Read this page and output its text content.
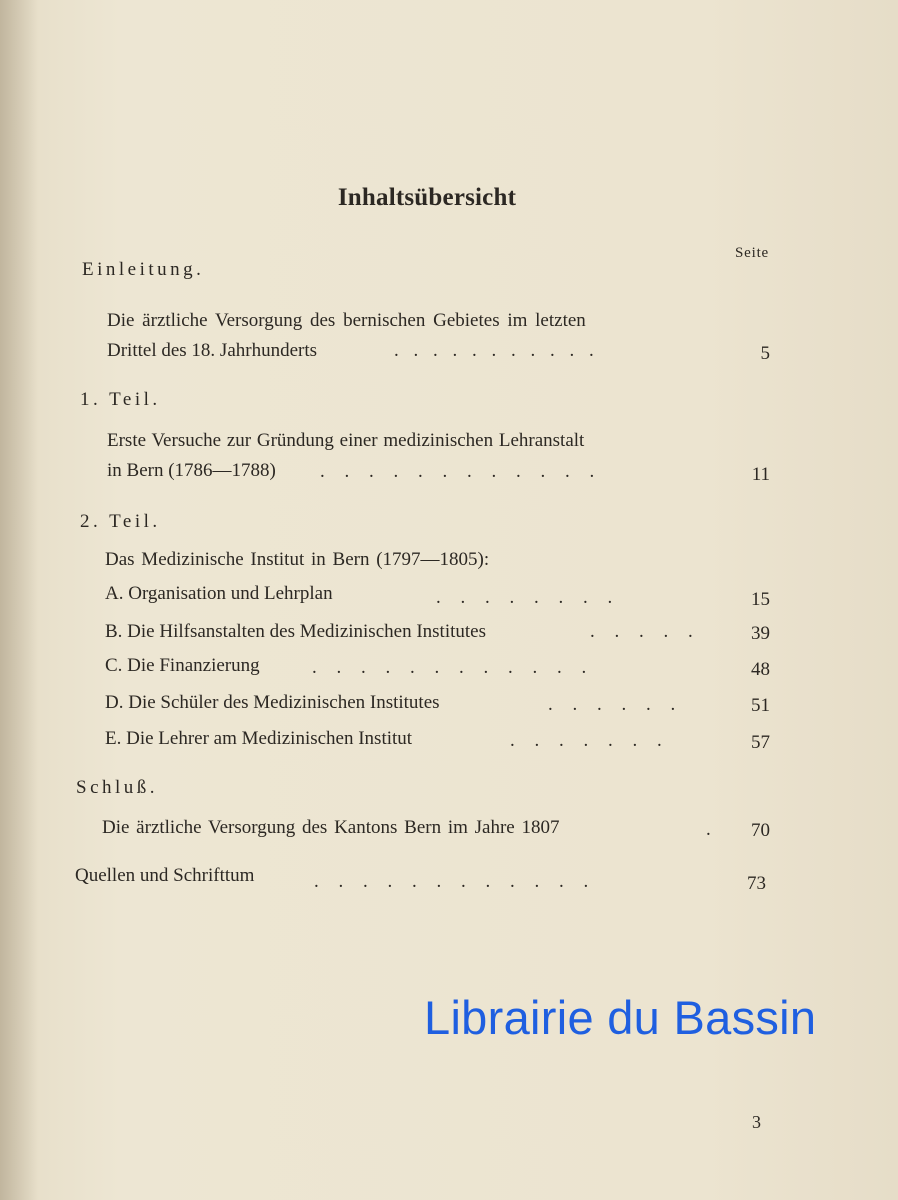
Inhaltsübersicht
Seite
Einleitung.
Die ärztliche Versorgung des bernischen Gebietes im letzten
Drittel des 18. Jahrhunderts	. . . . . . . . . . .	5
1. Teil.
Erste Versuche zur Gründung einer medizinischen Lehranstalt
in Bern (1786—1788) . . . . . . . . . . . .	11
2. Teil.
Das Medizinische Institut in Bern (1797—1805):
A. Organisation und Lehrplan	. . . . . . . .	15
B. Die Hilfsanstalten des Medizinischen Institutes	. . . . .	39
C. Die Finanzierung	. . . . . . . . . . . .	48
D. Die Schüler des Medizinischen Institutes	. . . . . .	51
E. Die Lehrer am Medizinischen Institut	. . . . . . .	57
Schluß.
Die ärztliche Versorgung des Kantons Bern im Jahre 1807	.	70
Quellen und Schrifttum	. . . . . . . . . . . .	73
Librairie du Bassin
3
